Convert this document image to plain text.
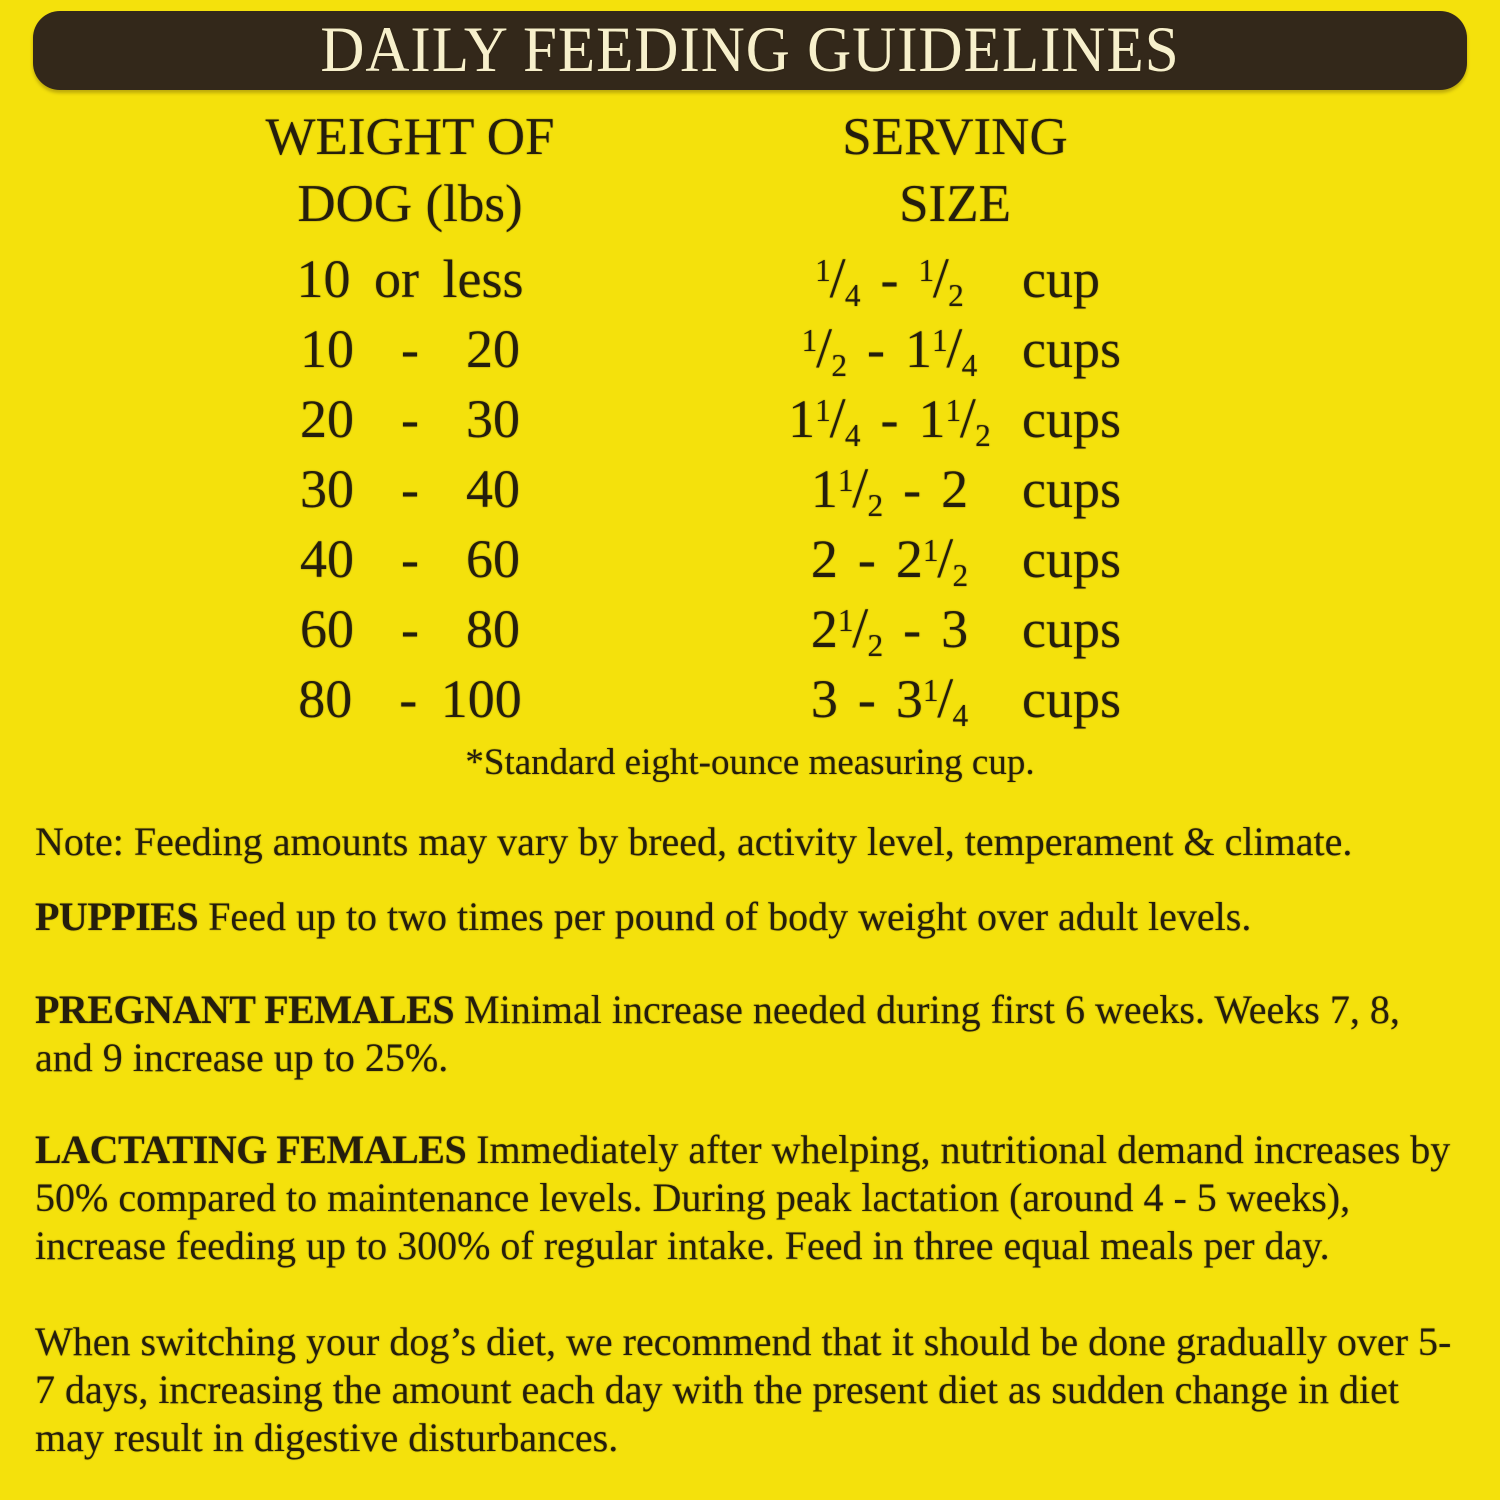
DAILY FEEDING GUIDELINES
WEIGHT OF
DOG (lbs)
SERVING
SIZE
10 or less	$^1$/4 - $^1$/2	cup
10  -  20	$^1/2 - 1^1/4$ cups
20  -  30	$1^1/4 - 1^1/2$ cups
30  -  40	$1^1/2 - 2$ cups
40  -  60	$2 - 2^1/2$ cups
60  -  80	$2^1/2 - 3$ cups
80  - 100	$3 - 3^1/4$ cups
*Standard eight-ounce measuring cup.
Note: Feeding amounts may vary by breed, activity level, temperament & climate.
PUPPIES Feed up to two times per pound of body weight over adult levels.
PREGNANT FEMALES Minimal increase needed during first 6 weeks. Weeks 7, 8, and 9 increase up to 25%.
LACTATING FEMALES Immediately after whelping, nutritional demand increases by 50% compared to maintenance levels. During peak lactation (around 4 - 5 weeks), increase feeding up to 300% of regular intake. Feed in three equal meals per day.
When switching your dog’s diet, we recommend that it should be done gradually over 5-7 days, increasing the amount each day with the present diet as sudden change in diet may result in digestive disturbances.
